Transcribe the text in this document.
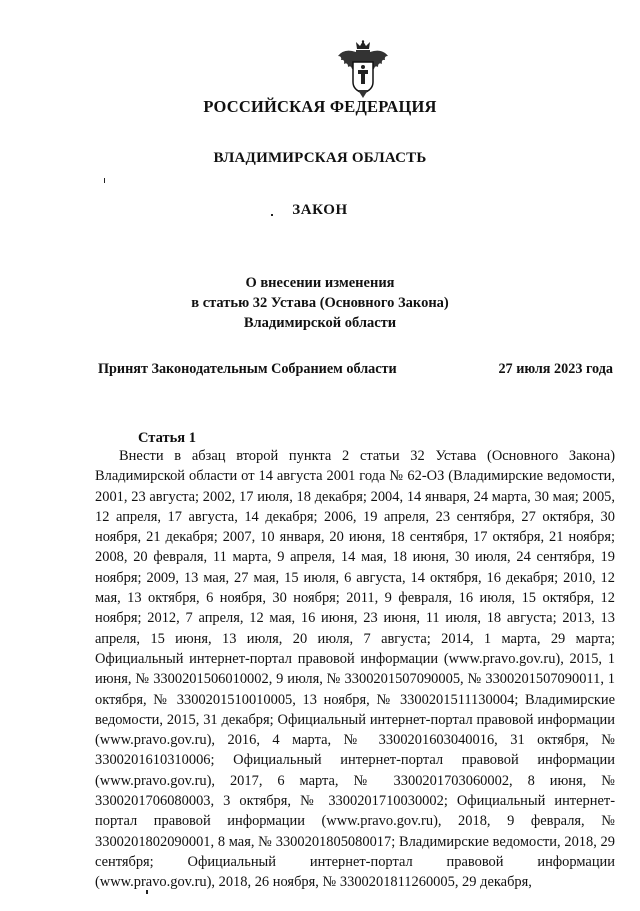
РОССИЙСКАЯ ФЕДЕРАЦИЯ
ВЛАДИМИРСКАЯ ОБЛАСТЬ
ЗАКОН
О внесении изменения
в статью 32 Устава (Основного Закона)
Владимирской области
Принят Законодательным Собранием области	27 июля 2023 года
Статья 1

Внести в абзац второй пункта 2 статьи 32 Устава (Основного Закона) Владимирской области от 14 августа 2001 года № 62-ОЗ (Владимирские ведомости, 2001, 23 августа; 2002, 17 июля, 18 декабря; 2004, 14 января, 24 марта, 30 мая; 2005, 12 апреля, 17 августа, 14 декабря; 2006, 19 апреля, 23 сентября, 27 октября, 30 ноября, 21 декабря; 2007, 10 января, 20 июня, 18 сентября, 17 октября, 21 ноября; 2008, 20 февраля, 11 марта, 9 апреля, 14 мая, 18 июня, 30 июля, 24 сентября, 19 ноября; 2009, 13 мая, 27 мая, 15 июля, 6 августа, 14 октября, 16 декабря; 2010, 12 мая, 13 октября, 6 ноября, 30 ноября; 2011, 9 февраля, 16 июля, 15 октября, 12 ноября; 2012, 7 апреля, 12 мая, 16 июня, 23 июня, 11 июля, 18 августа; 2013, 13 апреля, 15 июня, 13 июля, 20 июля, 7 августа; 2014, 1 марта, 29 марта; Официальный интернет-портал правовой информации (www.pravo.gov.ru), 2015, 1 июня, № 3300201506010002, 9 июля, № 3300201507090005, № 3300201507090011, 1 октября, № 3300201510010005, 13 ноября, № 3300201511130004; Владимирские ведомости, 2015, 31 декабря; Официальный интернет-портал правовой информации (www.pravo.gov.ru), 2016, 4 марта, № 3300201603040016, 31 октября, № 3300201610310006; Официальный интернет-портал правовой информации (www.pravo.gov.ru), 2017, 6 марта, № 3300201703060002, 8 июня, № 3300201706080003, 3 октября, № 3300201710030002; Официальный интернет-портал правовой информации (www.pravo.gov.ru), 2018, 9 февраля, № 3300201802090001, 8 мая, № 3300201805080017; Владимирские ведомости, 2018, 29 сентября; Официальный интернет-портал правовой информации (www.pravo.gov.ru), 2018, 26 ноября, № 3300201811260005, 29 декабря,
